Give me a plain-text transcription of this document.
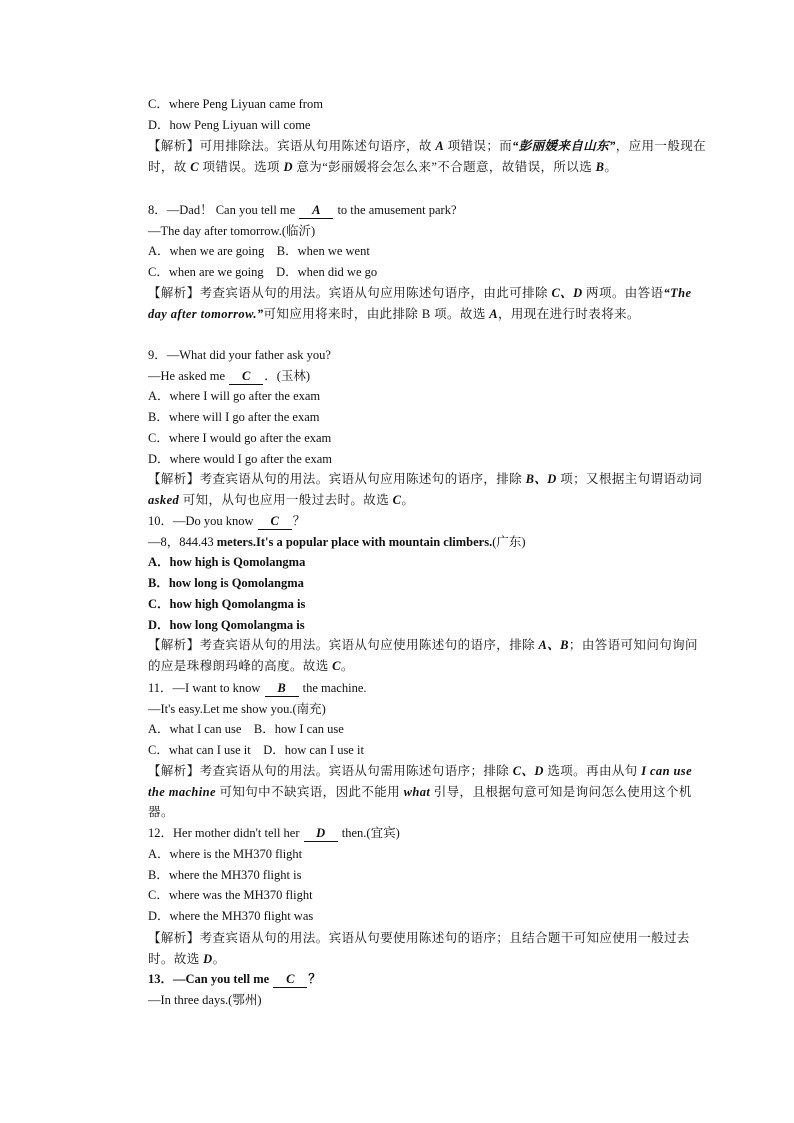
C．where Peng Liyuan came from
D．how Peng Liyuan will come
【解析】可用排除法。宾语从句用陈述句语序，故 A 项错误；而“彭丽媛来自山东”，应用一般现在时，故 C 项错误。选项 D 意为“彭丽媛将会怎么来”不合题意，故错误，所以选 B。
8．—Dad！ Can you tell me A to the amusement park?
—The day after tomorrow.(临沂)
A．when we are going　B．when we went
C．when are we going　D．when did we go
【解析】考查宾语从句的用法。宾语从句应用陈述句语序，由此可排除 C、D 两项。由答语“The day after tomorrow.”可知应用将来时，由此排除 B 项。故选 A，用现在进行时表将来。
9．—What did your father ask you?
—He asked me C ．(玉林)
A．where I will go after the exam
B．where will I go after the exam
C．where I would go after the exam
D．where would I go after the exam
【解析】考查宾语从句的用法。宾语从句应用陈述句的语序，排除 B、D 项；又根据主句谓语动词 asked 可知，从句也应用一般过去时。故选 C。
10．—Do you know C ？
—8，844.43 meters.It's a popular place with mountain climbers.(广东)
A．how high is Qomolangma
B．how long is Qomolangma
C．how high Qomolangma is
D．how long Qomolangma is
【解析】考查宾语从句的用法。宾语从句应使用陈述句的语序，排除 A、B；由答语可知问句询问的应是珠穆朗玛峰的高度。故选 C。
11．—I want to know B the machine.
—It's easy.Let me show you.(南充)
A．what I can use　B．how I can use
C．what can I use it　D．how can I use it
【解析】考查宾语从句的用法。宾语从句需用陈述句语序；排除 C、D 选项。再由从句 I can use the machine 可知句中不缺宾语，因此不能用 what 引导，且根据句意可知是询问怎么使用这个机器。
12．Her mother didn't tell her D then.(宜宾)
A．where is the MH370 flight
B．where the MH370 flight is
C．where was the MH370 flight
D．where the MH370 flight was
【解析】考查宾语从句的用法。宾语从句要使用陈述句的语序；且结合题干可知应使用一般过去时。故选 D。
13．—Can you tell me C ？
—In three days.(鄂州)
